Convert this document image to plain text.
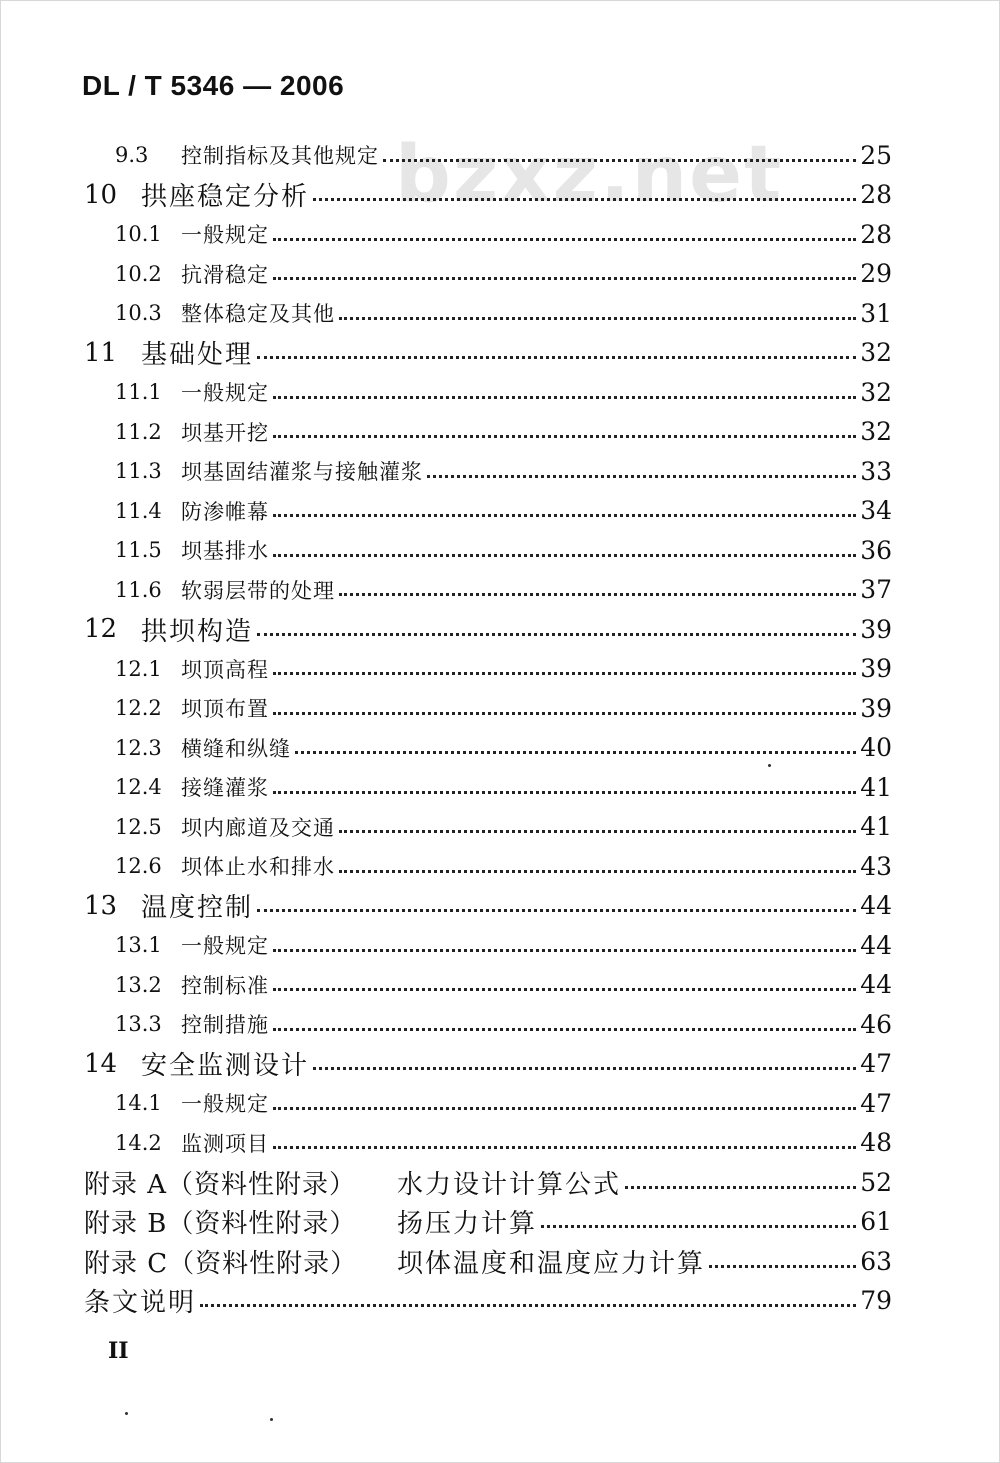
bzxz.net
DL / T 5346 — 2006
9.3	控制指标及其他规定	25
10 拱座稳定分析	28
10.1 一般规定	28
10.2 抗滑稳定	29
10.3 整体稳定及其他	31
11 基础处理	32
11.1 一般规定	32
11.2 坝基开挖	32
11.3 坝基固结灌浆与接触灌浆	33
11.4 防渗帷幕	34
11.5 坝基排水	36
11.6 软弱层带的处理	37
12 拱坝构造	39
12.1 坝顶高程	39
12.2 坝顶布置	39
12.3 横缝和纵缝	40
12.4 接缝灌浆	41
12.5 坝内廊道及交通	41
12.6 坝体止水和排水	43
13 温度控制	44
13.1 一般规定	44
13.2 控制标准	44
13.3 控制措施	46
14 安全监测设计	47
14.1 一般规定	47
14.2 监测项目	48
附录 A（资料性附录）	水力设计计算公式	52
附录 B（资料性附录）	扬压力计算	61
附录 C（资料性附录）	坝体温度和温度应力计算	63
条文说明	79
II
